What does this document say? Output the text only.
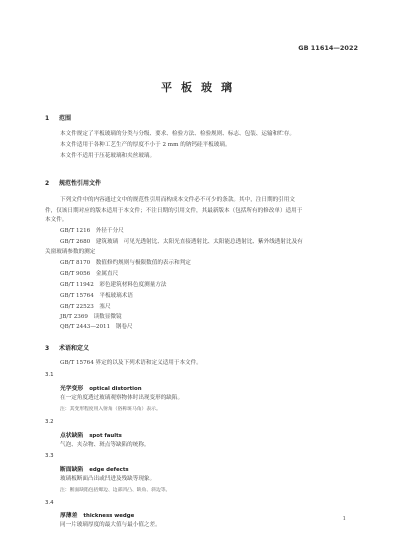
GB 11614—2022
平板玻璃
1 范围
本文件规定了平板玻璃的分类与分级、要求、检验方法、检验规则、标志、包装、运输和贮存。
本文件适用于各种工艺生产的厚度不小于 2 mm 的钠钙硅平板玻璃。
本文件不适用于压花玻璃和夹丝玻璃。
2 规范性引用文件
下列文件中的内容通过文中的规范性引用而构成本文件必不可少的条款。其中，注日期的引用文
件，仅该日期对应的版本适用于本文件；不注日期的引用文件，其最新版本（包括所有的修改单）适用于
本文件。
GB/T 1216　外径千分尺
GB/T 2680　建筑玻璃　可见光透射比、太阳光直接透射比、太阳能总透射比、紫外线透射比及有
关窗玻璃参数的测定
GB/T 8170　数值修约规则与极限数值的表示和判定
GB/T 9056　金属直尺
GB/T 11942　彩色建筑材料色度测量方法
GB/T 15764　平板玻璃术语
GB/T 22523　塞尺
JB/T 2369　读数显微镜
QB/T 2443—2011　钢卷尺
3 术语和定义
GB/T 15764 界定的以及下列术语和定义适用于本文件。
3.1
光学变形 optical distortion
在一定角度透过玻璃观察物体时出现变形的缺陷。
注：其变形程度用入射角（俗称斑马角）表示。
3.2
点状缺陷 spot faults
气泡、夹杂物、斑点等缺陷的统称。
3.3
断面缺陷 edge defects
玻璃板断面凸出或凹进及残缺等现象。
注：断面缺陷包括爆边、边部凹凸、缺角、斜边等。
3.4
厚薄差 thickness wedge
同一片玻璃厚度的最大值与最小值之差。
1
